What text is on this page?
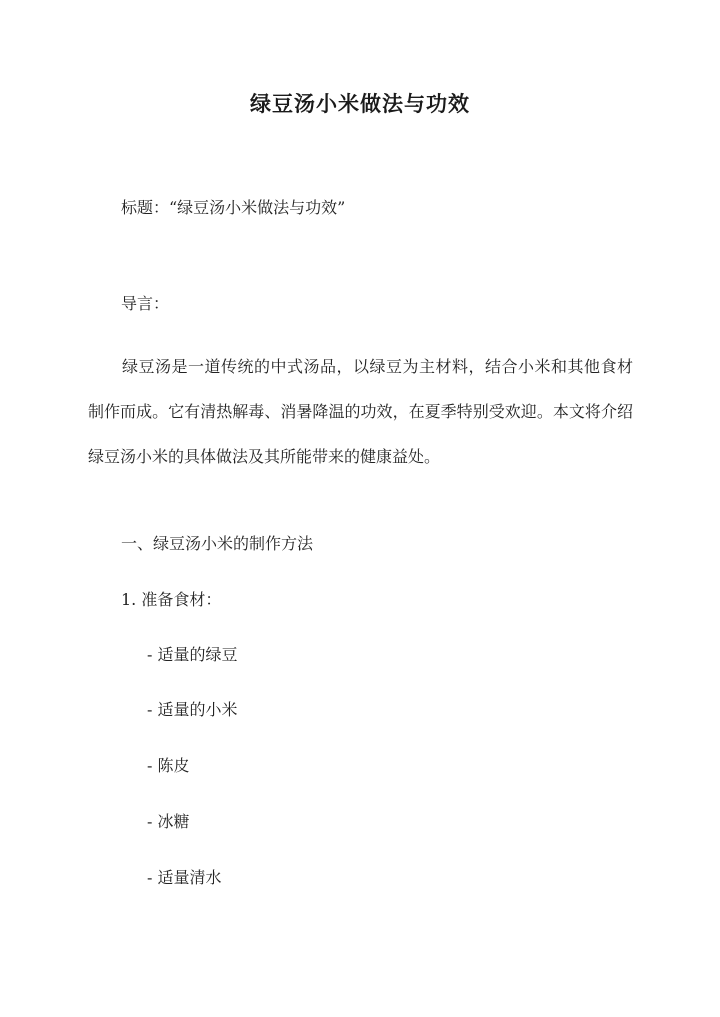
绿豆汤小米做法与功效
标题：“绿豆汤小米做法与功效”
导言：
绿豆汤是一道传统的中式汤品，以绿豆为主材料，结合小米和其他食材制作而成。它有清热解毒、消暑降温的功效，在夏季特别受欢迎。本文将介绍绿豆汤小米的具体做法及其所能带来的健康益处。
一、绿豆汤小米的制作方法
1. 准备食材：
- 适量的绿豆
- 适量的小米
- 陈皮
- 冰糖
- 适量清水
